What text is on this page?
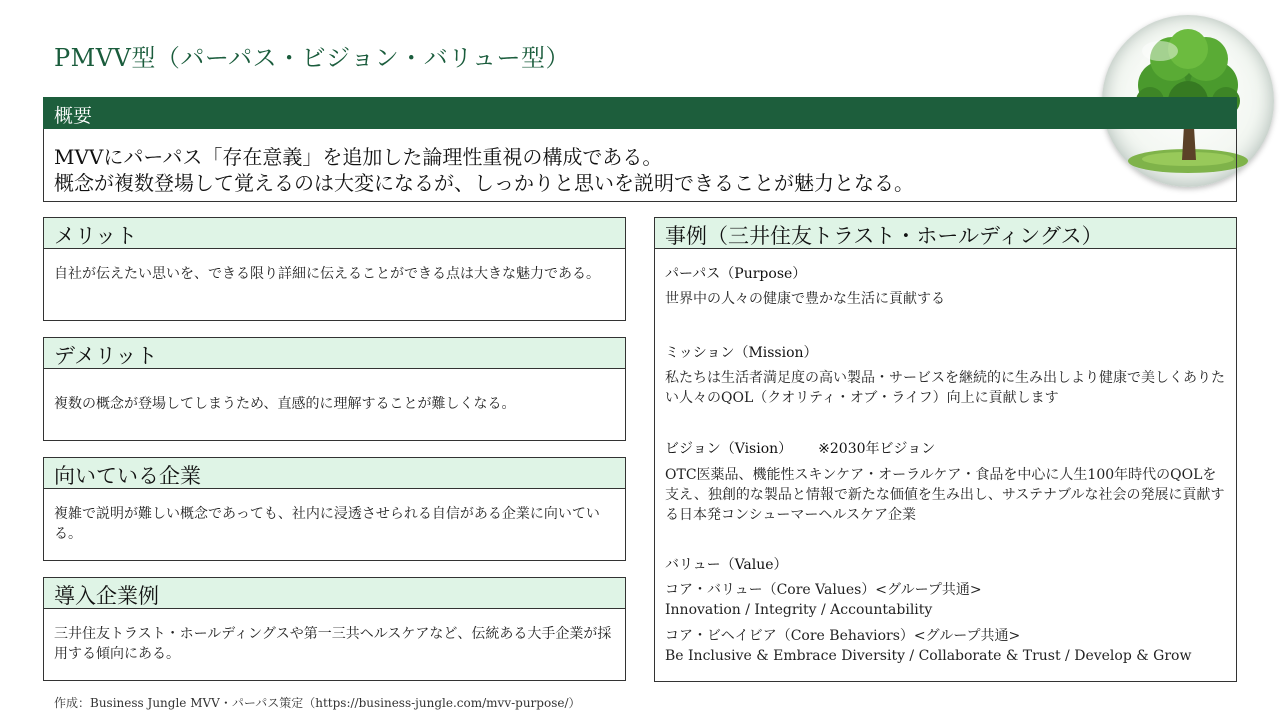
PMVV型（パーパス・ビジョン・バリュー型）
概要
MVVにパーパス「存在意義」を追加した論理性重視の構成である。
概念が複数登場して覚えるのは大変になるが、しっかりと思いを説明できることが魅力となる。
メリット

自社が伝えたい思いを、できる限り詳細に伝えることができる点は大きな魅力である。

デメリット

複数の概念が登場してしまうため、直感的に理解することが難しくなる。

向いている企業

複雑で説明が難しい概念であっても、社内に浸透させられる自信がある企業に向いている。

導入企業例

三井住友トラスト・ホールディングスや第一三共ヘルスケアなど、伝統ある大手企業が採用する傾向にある。

事例（三井住友トラスト・ホールディングス）

パーパス（Purpose）

世界中の人々の健康で豊かな生活に貢献する

ミッション（Mission）

私たちは生活者満足度の高い製品・サービスを継続的に生み出しより健康で美しくありたい人々のQOL（クオリティ・オブ・ライフ）向上に貢献します

ビジョン（Vision） ※2030年ビジョン

OTC医薬品、機能性スキンケア・オーラルケア・食品を中心に人生100年時代のQOLを支え、独創的な製品と情報で新たな価値を生み出し、サステナブルな社会の発展に貢献する日本発コンシューマーヘルスケア企業

バリュー（Value）

コア・バリュー（Core Values）<グループ共通>

Innovation / Integrity / Accountability

コア・ビヘイビア（Core Behaviors）<グループ共通>

Be Inclusive & Embrace Diversity / Collaborate & Trust / Develop & Grow

作成：Business Jungle MVV・パーパス策定（https://business-jungle.com/mvv-purpose/）
